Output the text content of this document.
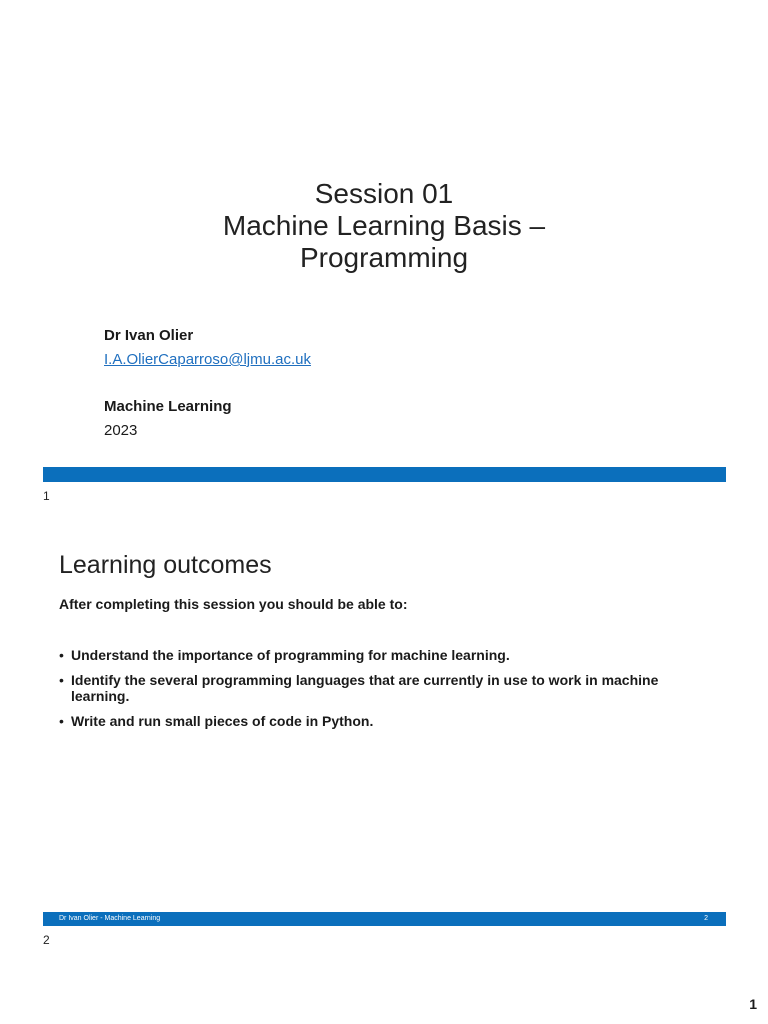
Session 01
Machine Learning Basis –
Programming
Dr Ivan Olier
I.A.OlierCaparroso@ljmu.ac.uk
Machine Learning
2023
1
Learning outcomes

After completing this session you should be able to:

• Understand the importance of programming for machine learning.
• Identify the several programming languages that are currently in use to work in machine learning.
• Write and run small pieces of code in Python.
Dr Ivan Olier - Machine Learning	2
2
1
